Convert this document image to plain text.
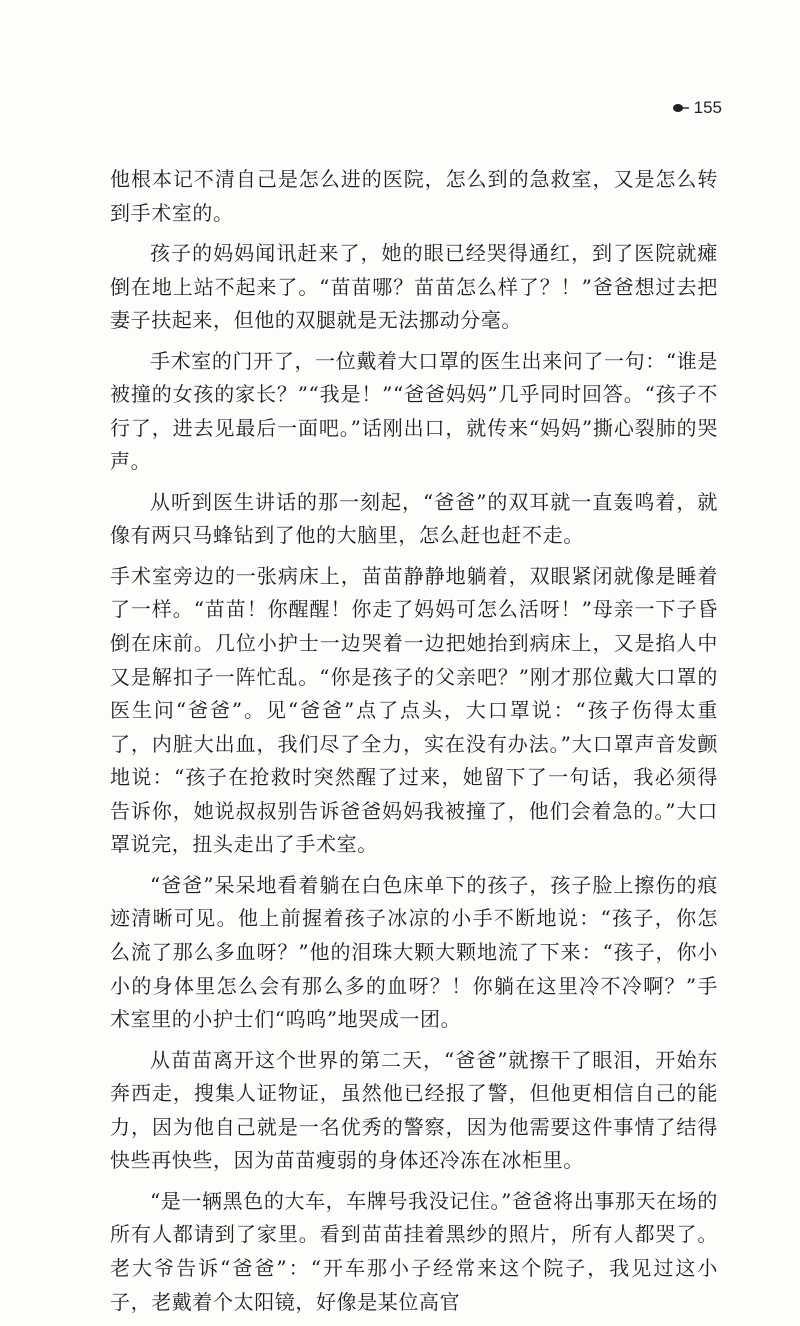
155

他根本记不清自己是怎么进的医院，怎么到的急救室，又是怎么转到手术室的。

孩子的妈妈闻讯赶来了，她的眼已经哭得通红，到了医院就瘫倒在地上站不起来了。“苗苗哪？苗苗怎么样了？！”爸爸想过去把妻子扶起来，但他的双腿就是无法挪动分毫。

手术室的门开了，一位戴着大口罩的医生出来问了一句：“谁是被撞的女孩的家长？”“我是！”“爸爸妈妈”几乎同时回答。“孩子不行了，进去见最后一面吧。”话刚出口，就传来“妈妈”撕心裂肺的哭声。

从听到医生讲话的那一刻起，“爸爸”的双耳就一直轰鸣着，就像有两只马蜂钻到了他的大脑里，怎么赶也赶不走。

手术室旁边的一张病床上，苗苗静静地躺着，双眼紧闭就像是睡着了一样。“苗苗！你醒醒！你走了妈妈可怎么活呀！”母亲一下子昏倒在床前。几位小护士一边哭着一边把她抬到病床上，又是掐人中又是解扣子一阵忙乱。“你是孩子的父亲吧？”刚才那位戴大口罩的医生问“爸爸”。见“爸爸”点了点头，大口罩说：“孩子伤得太重了，内脏大出血，我们尽了全力，实在没有办法。”大口罩声音发颤地说：“孩子在抢救时突然醒了过来，她留下了一句话，我必须得告诉你，她说叔叔别告诉爸爸妈妈我被撞了，他们会着急的。”大口罩说完，扭头走出了手术室。

“爸爸”呆呆地看着躺在白色床单下的孩子，孩子脸上擦伤的痕迹清晰可见。他上前握着孩子冰凉的小手不断地说：“孩子，你怎么流了那么多血呀？”他的泪珠大颗大颗地流了下来：“孩子，你小小的身体里怎么会有那么多的血呀？！你躺在这里冷不冷啊？”手术室里的小护士们“呜呜”地哭成一团。

从苗苗离开这个世界的第二天，“爸爸”就擦干了眼泪，开始东奔西走，搜集人证物证，虽然他已经报了警，但他更相信自己的能力，因为他自己就是一名优秀的警察，因为他需要这件事情了结得快些再快些，因为苗苗瘦弱的身体还冷冻在冰柜里。

“是一辆黑色的大车，车牌号我没记住。”爸爸将出事那天在场的所有人都请到了家里。看到苗苗挂着黑纱的照片，所有人都哭了。老大爷告诉“爸爸”：“开车那小子经常来这个院子，我见过这小子，老戴着个太阳镜，好像是某位高官
